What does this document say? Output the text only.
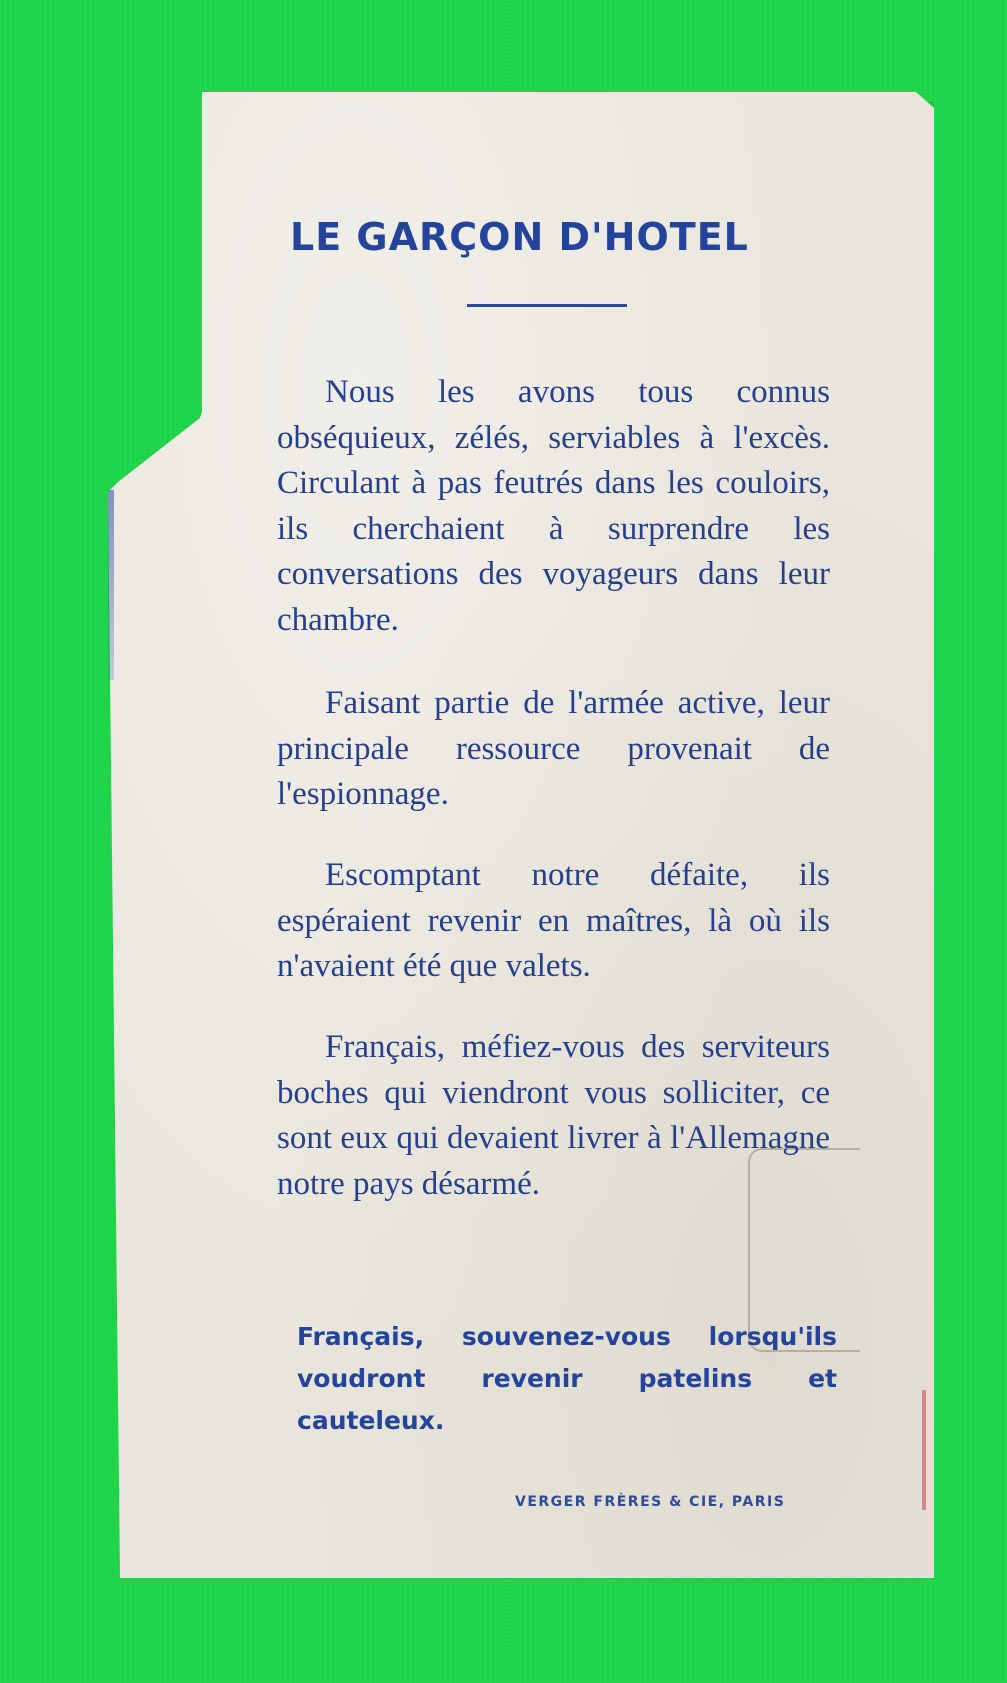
LE GARÇON D'HOTEL

Nous les avons tous connus obséquieux, zélés, serviables à l'excès. Circulant à pas feutrés dans les couloirs, ils cherchaient à surprendre les conversations des voyageurs dans leur chambre.

Faisant partie de l'armée active, leur principale ressource provenait de l'espionnage.

Escomptant notre défaite, ils espéraient revenir en maîtres, là où ils n'avaient été que valets.

Français, méfiez-vous des serviteurs boches qui viendront vous solliciter, ce sont eux qui devaient livrer à l'Allemagne notre pays désarmé.

Français, souvenez-vous lorsqu'ils voudront revenir patelins et cauteleux.

VERGER FRÈRES & CIE, PARIS
